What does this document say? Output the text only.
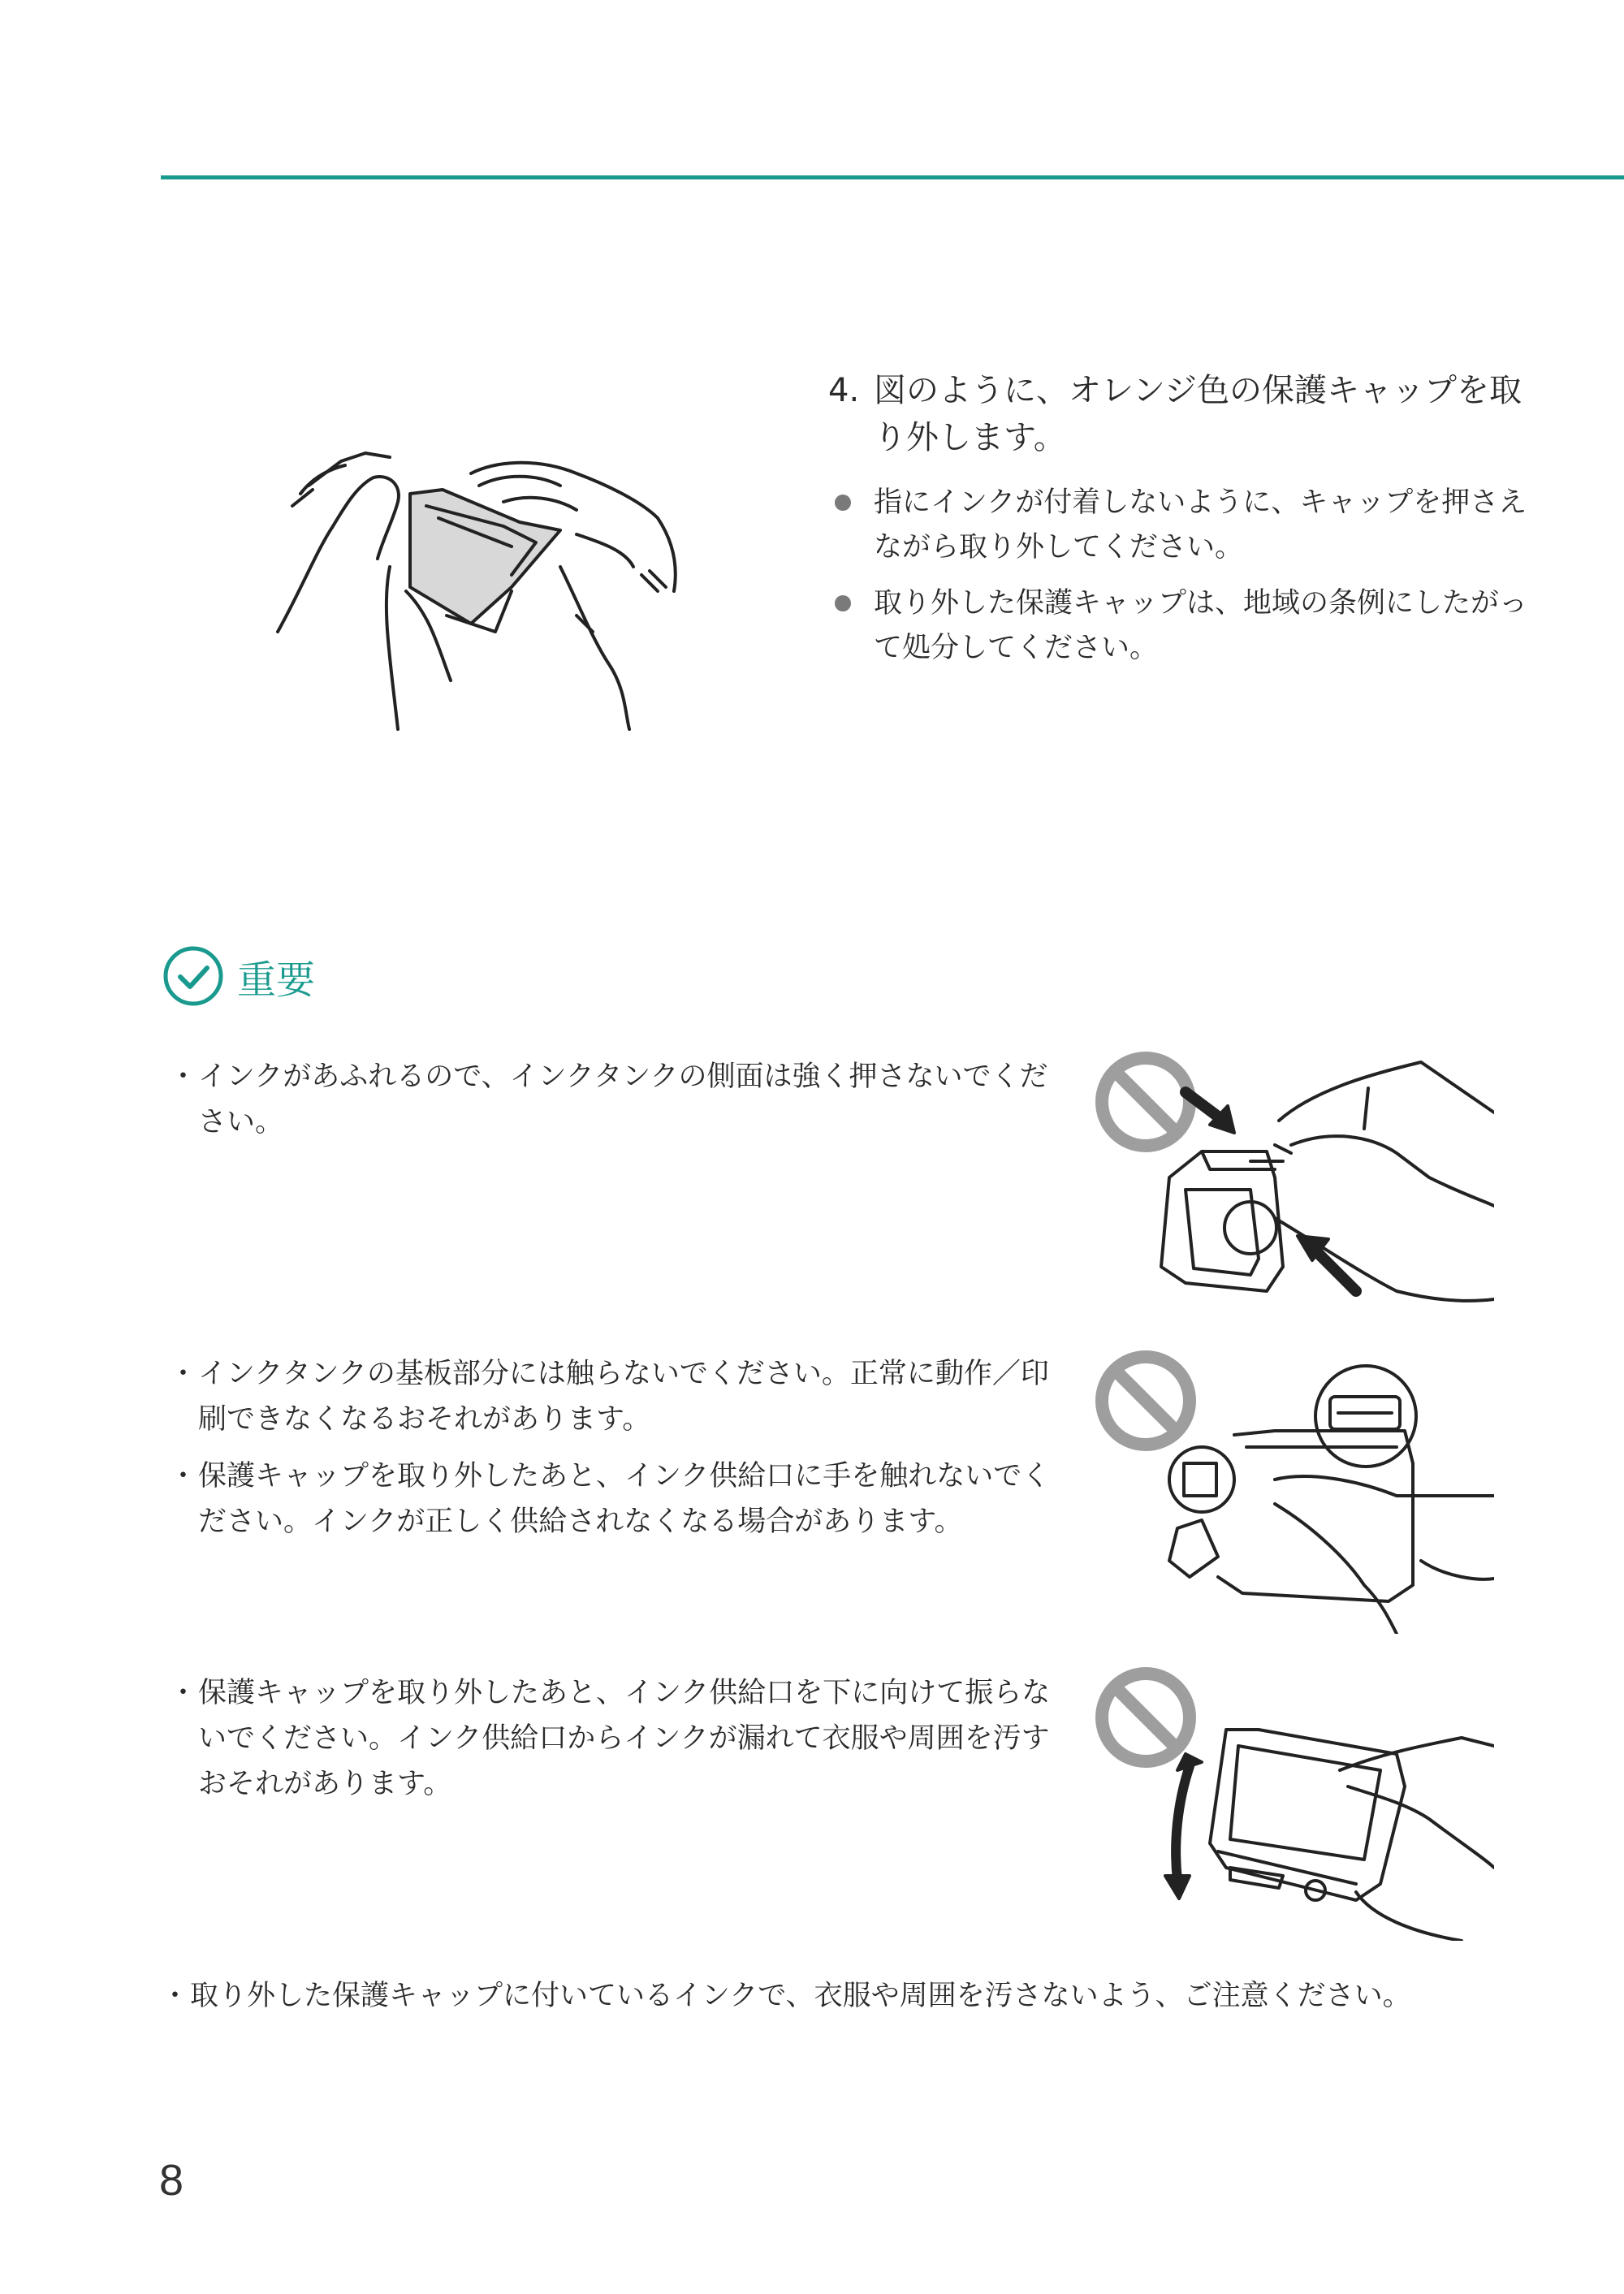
4. 図のように、オレンジ色の保護キャップを取り外します。
指にインクが付着しないように、キャップを押さえながら取り外してください。
取り外した保護キャップは、地域の条例にしたがって処分してください。
重要
・ インクがあふれるので、インクタンクの側面は強く押さないでください。
・ インクタンクの基板部分には触らないでください。正常に動作／印刷できなくなるおそれがあります。
・ 保護キャップを取り外したあと、インク供給口に手を触れないでください。インクが正しく供給されなくなる場合があります。
・ 保護キャップを取り外したあと、インク供給口を下に向けて振らないでください。インク供給口からインクが漏れて衣服や周囲を汚すおそれがあります。
・ 取り外した保護キャップに付いているインクで、衣服や周囲を汚さないよう、ご注意ください。
8
